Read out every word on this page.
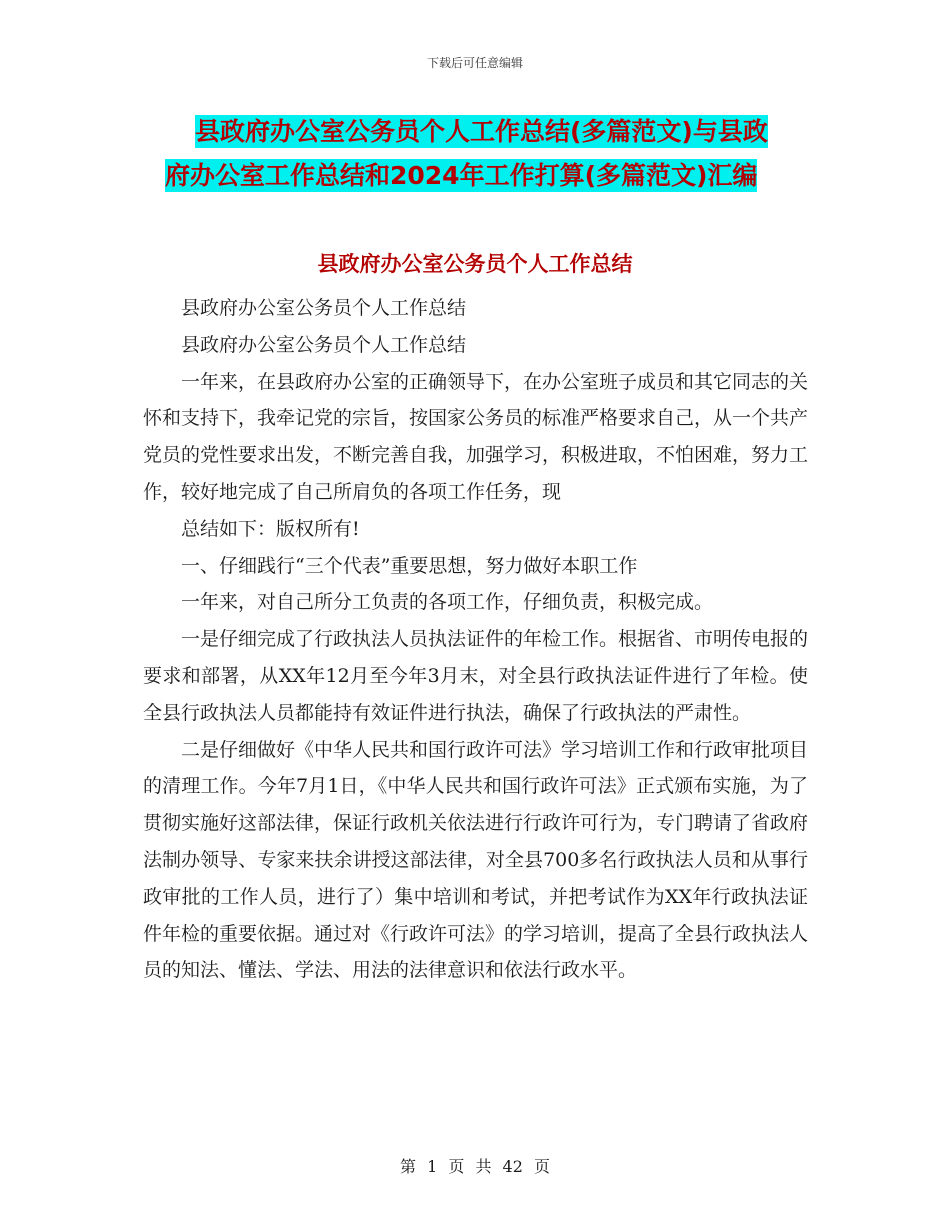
下载后可任意编辑
县政府办公室公务员个人工作总结(多篇范文)与县政
府办公室工作总结和2024年工作打算(多篇范文)汇编
县政府办公室公务员个人工作总结

县政府办公室公务员个人工作总结

县政府办公室公务员个人工作总结

一年来，在县政府办公室的正确领导下，在办公室班子成员和其它同志的关怀和支持下，我牵记党的宗旨，按国家公务员的标准严格要求自己，从一个共产党员的党性要求出发，不断完善自我，加强学习，积极进取，不怕困难，努力工作，较好地完成了自己所肩负的各项工作任务，现

总结如下：版权所有!

一、仔细践行“三个代表”重要思想，努力做好本职工作

一年来，对自己所分工负责的各项工作，仔细负责，积极完成。

一是仔细完成了行政执法人员执法证件的年检工作。根据省、市明传电报的要求和部署，从XX年12月至今年3月末，对全县行政执法证件进行了年检。使全县行政执法人员都能持有效证件进行执法，确保了行政执法的严肃性。

二是仔细做好《中华人民共和国行政许可法》学习培训工作和行政审批项目的清理工作。今年7月1日，《中华人民共和国行政许可法》正式颁布实施，为了贯彻实施好这部法律，保证行政机关依法进行行政许可行为，专门聘请了省政府法制办领导、专家来扶余讲授这部法律，对全县700多名行政执法人员和从事行政审批的工作人员，进行了）集中培训和考试，并把考试作为XX年行政执法证件年检的重要依据。通过对《行政许可法》的学习培训，提高了全县行政执法人员的知法、懂法、学法、用法的法律意识和依法行政水平。

第 1 页 共 42 页
